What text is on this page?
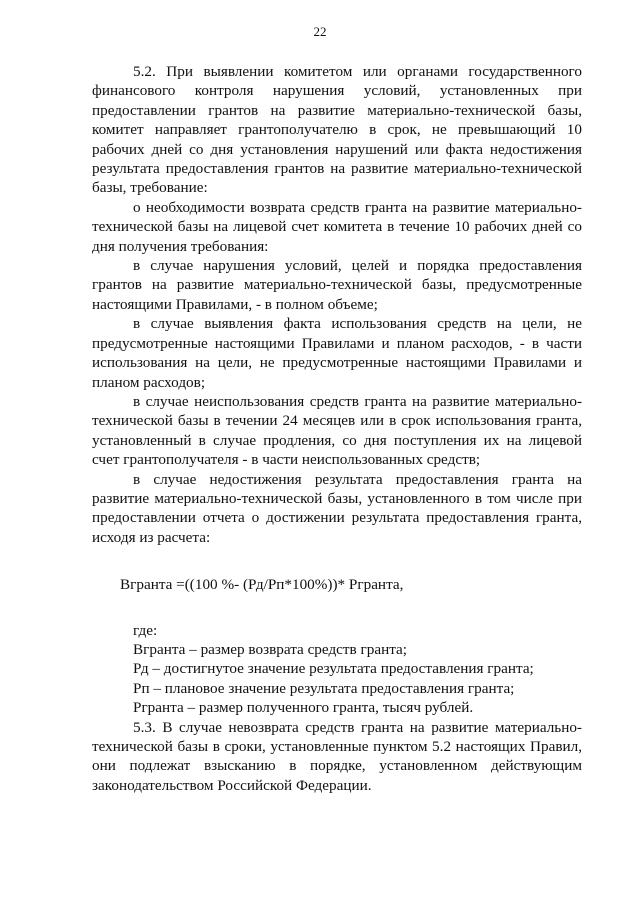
22

5.2. При выявлении комитетом или органами государственного финансового контроля нарушения условий, установленных при предоставлении грантов на развитие материально-технической базы, комитет направляет грантополучателю в срок, не превышающий 10 рабочих дней со дня установления нарушений или факта недостижения результата предоставления грантов на развитие материально-технической базы, требование:

о необходимости возврата средств гранта на развитие материально-технической базы на лицевой счет комитета в течение 10 рабочих дней со дня получения требования:

в случае нарушения условий, целей и порядка предоставления грантов на развитие материально-технической базы, предусмотренные настоящими Правилами, - в полном объеме;

в случае выявления факта использования средств на цели, не предусмотренные настоящими Правилами и планом расходов, - в части использования на цели, не предусмотренные настоящими Правилами и планом расходов;

в случае неиспользования средств гранта на развитие материально-технической базы в течении 24 месяцев или в срок использования гранта, установленный в случае продления, со дня поступления их на лицевой счет грантополучателя - в части неиспользованных средств;

в случае недостижения результата предоставления гранта на развитие материально-технической базы, установленного в том числе при предоставлении отчета о достижении результата предоставления гранта, исходя из расчета:

Вгранта =((100 %- (Рд/Рп*100%))* Ргранта,

где:

Вгранта – размер возврата средств гранта;

Рд – достигнутое значение результата предоставления гранта;

Рп – плановое значение результата предоставления гранта;

Ргранта – размер полученного гранта, тысяч рублей.

5.3. В случае невозврата средств гранта на развитие материально-технической базы в сроки, установленные пунктом 5.2 настоящих Правил, они подлежат взысканию в порядке, установленном действующим законодательством Российской Федерации.
